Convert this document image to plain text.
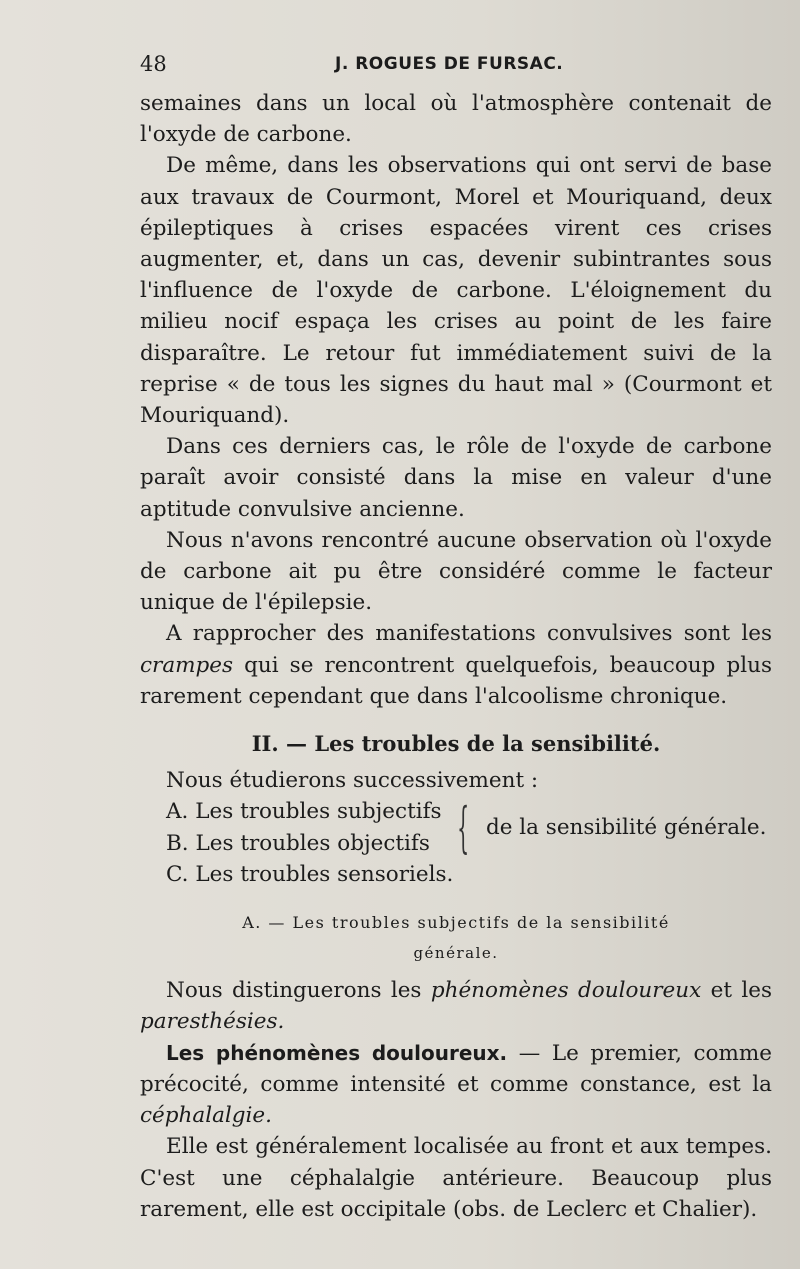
48	J. ROGUES DE FURSAC.

semaines dans un local où l'atmosphère contenait de l'oxyde de carbone.

De même, dans les observations qui ont servi de base aux travaux de Courmont, Morel et Mouriquand, deux épileptiques à crises espacées virent ces crises augmenter, et, dans un cas, devenir subintrantes sous l'influence de l'oxyde de carbone. L'éloignement du milieu nocif espaça les crises au point de les faire disparaître. Le retour fut immédiatement suivi de la reprise « de tous les signes du haut mal » (Courmont et Mouriquand).

Dans ces derniers cas, le rôle de l'oxyde de carbone paraît avoir consisté dans la mise en valeur d'une aptitude convulsive ancienne.

Nous n'avons rencontré aucune observation où l'oxyde de carbone ait pu être considéré comme le facteur unique de l'épilepsie.

A rapprocher des manifestations convulsives sont les crampes qui se rencontrent quelquefois, beaucoup plus rarement cependant que dans l'alcoolisme chronique.

II. — Les troubles de la sensibilité.

Nous étudierons successivement :

A. Les troubles subjectifs
B. Les troubles objectifs { de la sensibilité générale.

C. Les troubles sensoriels.

A. — Les troubles subjectifs de la sensibilité

générale.

Nous distinguerons les phénomènes douloureux et les paresthésies.

Les phénomènes douloureux. — Le premier, comme précocité, comme intensité et comme constance, est la céphalalgie.

Elle est généralement localisée au front et aux tempes. C'est une céphalalgie antérieure. Beaucoup plus rarement, elle est occipitale (obs. de Leclerc et Chalier).
